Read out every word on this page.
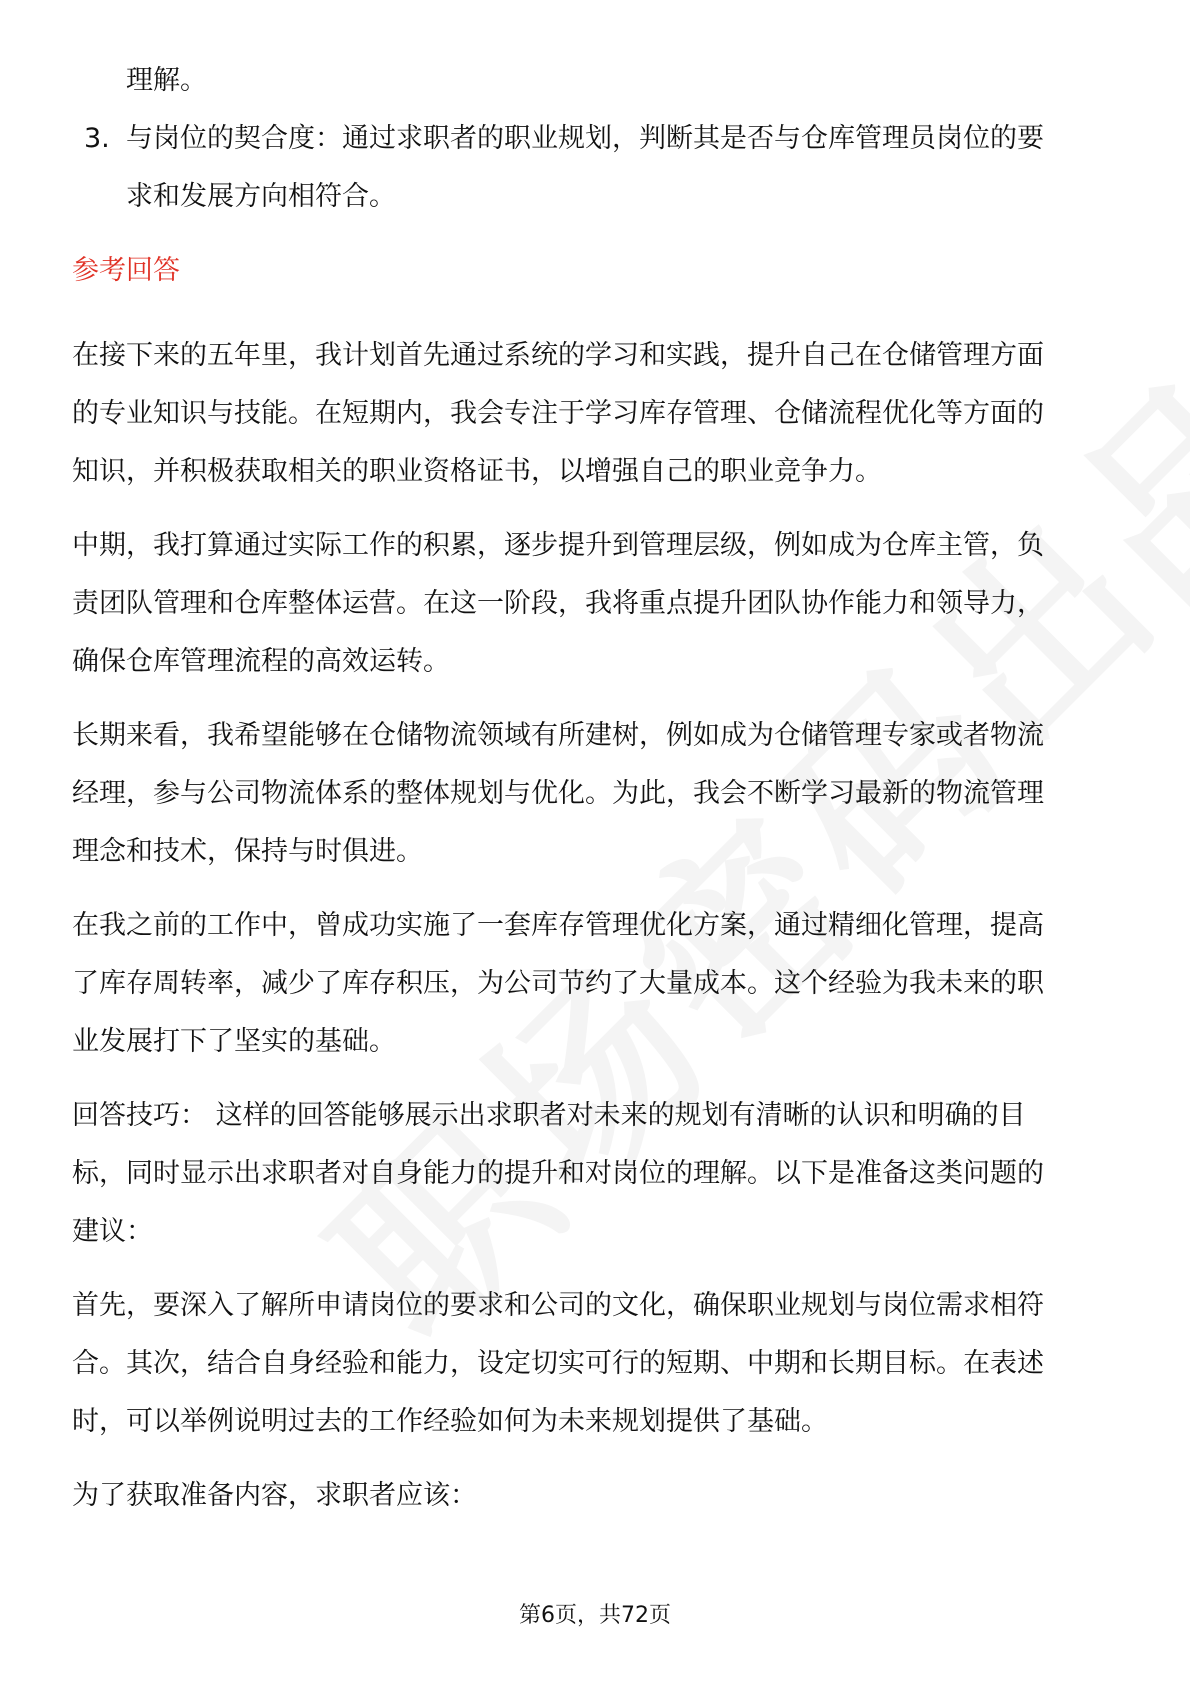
理解。

3. 与岗位的契合度：通过求职者的职业规划，判断其是否与仓库管理员岗位的要

求和发展方向相符合。

参考回答

在接下来的五年里，我计划首先通过系统的学习和实践，提升自己在仓储管理方面

的专业知识与技能。在短期内，我会专注于学习库存管理、仓储流程优化等方面的

知识，并积极获取相关的职业资格证书，以增强自己的职业竞争力。

中期，我打算通过实际工作的积累，逐步提升到管理层级，例如成为仓库主管，负

责团队管理和仓库整体运营。在这一阶段，我将重点提升团队协作能力和领导力，

确保仓库管理流程的高效运转。

长期来看，我希望能够在仓储物流领域有所建树，例如成为仓储管理专家或者物流

经理，参与公司物流体系的整体规划与优化。为此，我会不断学习最新的物流管理

理念和技术，保持与时俱进。

在我之前的工作中，曾成功实施了一套库存管理优化方案，通过精细化管理，提高

了库存周转率，减少了库存积压，为公司节约了大量成本。这个经验为我未来的职

业发展打下了坚实的基础。

回答技巧： 这样的回答能够展示出求职者对未来的规划有清晰的认识和明确的目

标，同时显示出求职者对自身能力的提升和对岗位的理解。以下是准备这类问题的

建议：

首先，要深入了解所申请岗位的要求和公司的文化，确保职业规划与岗位需求相符

合。其次，结合自身经验和能力，设定切实可行的短期、中期和长期目标。在表述

时，可以举例说明过去的工作经验如何为未来规划提供了基础。

为了获取准备内容，求职者应该：

第6页，共72页
